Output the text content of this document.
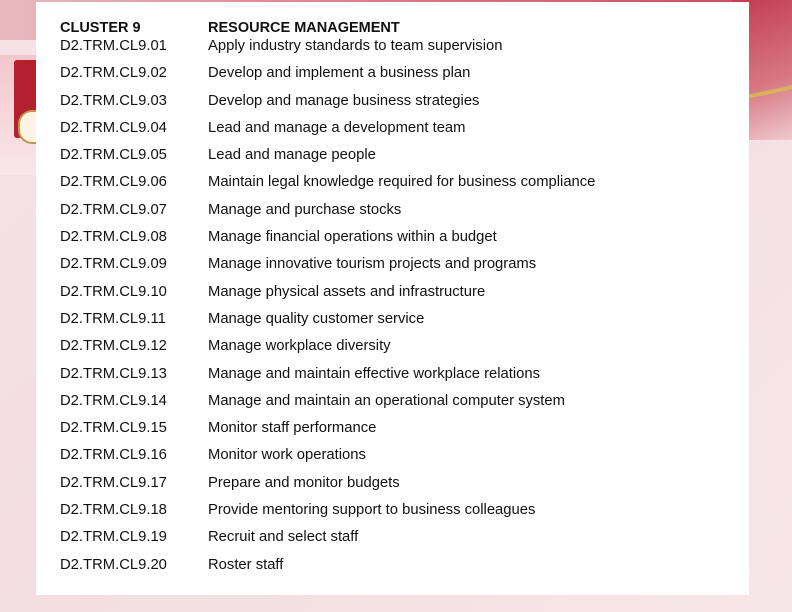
CLUSTER 9	RESOURCE MANAGEMENT
D2.TRM.CL9.01	Apply industry standards to team supervision
D2.TRM.CL9.02	Develop and implement a business plan
D2.TRM.CL9.03	Develop and manage business strategies
D2.TRM.CL9.04	Lead and manage a development team
D2.TRM.CL9.05	Lead and manage people
D2.TRM.CL9.06	Maintain legal knowledge required for business compliance
D2.TRM.CL9.07	Manage and purchase stocks
D2.TRM.CL9.08	Manage financial operations within a budget
D2.TRM.CL9.09	Manage innovative tourism projects and programs
D2.TRM.CL9.10	Manage physical assets and infrastructure
D2.TRM.CL9.11	Manage quality customer service
D2.TRM.CL9.12	Manage workplace diversity
D2.TRM.CL9.13	Manage and maintain effective workplace relations
D2.TRM.CL9.14	Manage and maintain an operational computer system
D2.TRM.CL9.15	Monitor staff performance
D2.TRM.CL9.16	Monitor work operations
D2.TRM.CL9.17	Prepare and monitor budgets
D2.TRM.CL9.18	Provide mentoring support to business colleagues
D2.TRM.CL9.19	Recruit and select staff
D2.TRM.CL9.20	Roster staff
